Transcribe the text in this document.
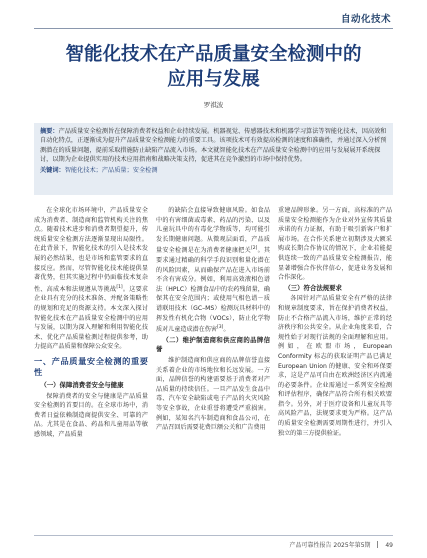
自动化技术
智能化技术在产品质量安全检测中的
应用与发展
罗祺波
摘要：产品质量安全检测旨在保障消费者权益和企业持续发展。机器视觉、传感器技术和机器学习算法等智能化技术，因高效和自动化特点，正逐渐成为提升产品质量安全检测能力的重要工具。该项技术可有效提高检测的速度和准确性，并通过深入分析预测潜在的质量问题，提前采取措施防止缺陷产品流入市场。本文就智能化技术在产品质量安全检测中的应用与发展展开系统探讨，以期为企业提供实用的技术应用指南和战略决策支持，促进其在竞争激烈的市场中保持优势。
关键词：智能化技术；产品质量；安全检测

在全球化市场环境中，产品质量安全成为消费者、制造商和监管机构关注的焦点。随着技术进步和消费者期望提升，传统质量安全检测方法逐渐显现出局限性。在此背景下，智能化技术的引入是技术发展的必然结果，也是市场和监管要求的直接反应。然而，尽管智能化技术能提供显著优势，但其实施过程中仍面临技术复杂性、高成本和法规遵从等挑战[1]。这要求企业具有充分的技术准备、并配备策略性的规划和充足的资源支持。本文深入探讨智能化技术在产品质量安全检测中的应用与发展，以期为深入理解和利用智能化技术、优化产品质量检测过程提供参考，助力提高产品质量和保障公众安全。

一、产品质量安全检测的重要性
（一）保障消费者安全与健康

保障消费者的安全与健康是产品质量安全检测的首要目的。在全球市场中，消费者日益依赖制造商提供安全、可靠的产品。尤其是在食品、药品和儿童用品等敏感领域，产品质量

的缺陷会直接导致健康风险。如食品中的有害细菌或毒素、药品的污染、以及儿童玩具中的有毒化学物质等，均可能引发长期健康问题。从微观层面看，产品质量安全检测是在为消费者健康把关[2]。其要求通过精确的科学手段识别和量化潜在的风险因素，从而确保产品在进入市场前不含有害成分。例如，利用高效液相色谱法（HPLC）检测食品中的农药残留量，确保其在安全范围内；或使用气相色谱－质谱联用技术（GC–MS）检测玩具材料中的挥发性有机化合物（VOCs），防止化学物质对儿童造成潜在伤害[3]。

（二）维护制造商和供应商的品牌信誉

维护制造商和供应商的品牌信誉直接关系着企业的市场地位和长远发展。一方面，品牌信誉的构建需要基于消费者对产品质量的持续信任。一旦产品发生食品中毒、汽车安全缺陷或电子产品的火灾风险等安全事故，企业重誉将遭受严重损害。例如，某知名汽车制造商和食品公司，在产品召回后需要花费巨额公关和广告费用

重建品牌形象。另一方面，高标准的产品质量安全检测能作为企业对外宣传其质量承诺的有力证据，有助于吸引新客户和扩展市场。在合作关系建立初期涉及大额采购或长期合作协议的情况下，企业若能提供连续一致的产品质量安全检测报告，能显著增强合作伙伴信心，促进业务发展和合作深化。

（三）符合法规要求

各国针对产品质量安全有严格的法律和规章制度要求，旨在保护消费者权益，防止不合格产品流入市场，维护正常的经济秩序和公共安全。从企业角度来看，合规性始于对现行法规的全面理解和应用。例如，在欧盟市场，European Conformity 标志的获取证明产品已满足 European Union 的健康、安全和环保要求，这是产品可自由在欧洲经济区内流通的必要条件。企业需通过一系列安全检测和评估程序，确保产品符合所有相关欧盟指令。另外，对于医疗设备和儿童玩具等高风险产品，法规要求更为严格。这产品的质量安全检测需要周期性进行，并引入独立的第三方提供验证。

产品可靠性报告 2025年第5期 49
